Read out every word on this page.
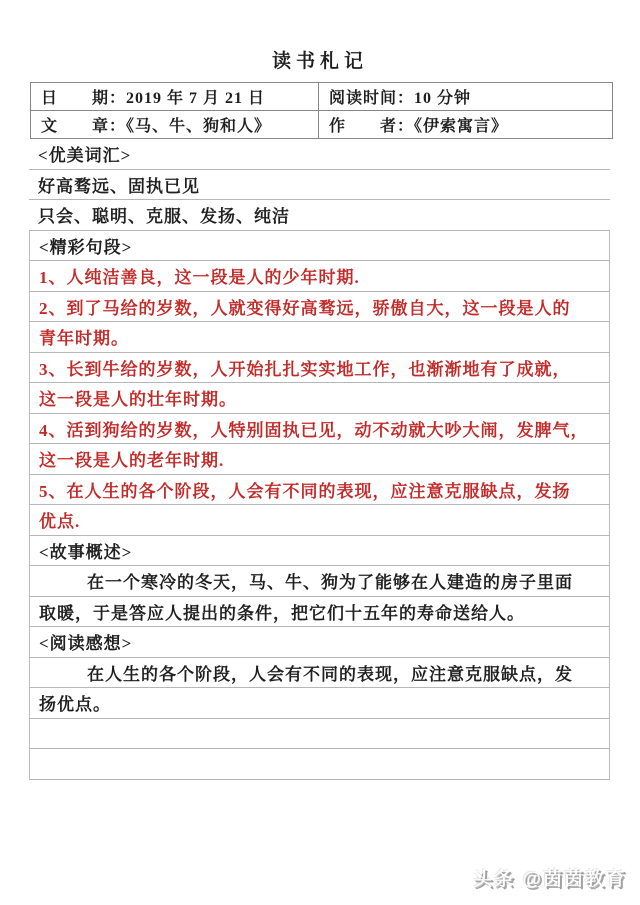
读书札记
日　　期：2019 年 7 月 21 日	阅读时间：10 分钟
文　　章：《马、牛、狗和人》	作　　者：《伊索寓言》
<优美词汇>
好高骛远、固执已见
只会、聪明、克服、发扬、纯洁
<精彩句段>
1、人纯洁善良，这一段是人的少年时期.
2、到了马给的岁数，人就变得好高骛远，骄傲自大，这一段是人的
青年时期。
3、长到牛给的岁数，人开始扎扎实实地工作，也渐渐地有了成就，
这一段是人的壮年时期。
4、活到狗给的岁数，人特别固执已见，动不动就大吵大闹，发脾气，
这一段是人的老年时期.
5、在人生的各个阶段，人会有不同的表现，应注意克服缺点，发扬
优点.
<故事概述>
在一个寒冷的冬天，马、牛、狗为了能够在人建造的房子里面
取暖，于是答应人提出的条件，把它们十五年的寿命送给人。
<阅读感想>
在人生的各个阶段，人会有不同的表现，应注意克服缺点，发
扬优点。
头条 @茵茵教育
